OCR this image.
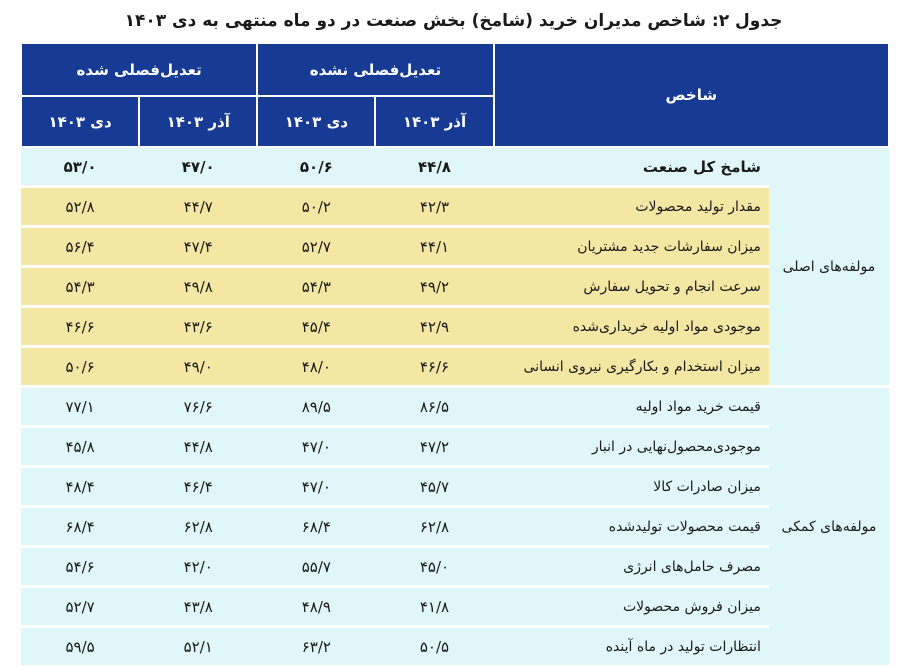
جدول ۲: شاخص مدیران خرید (شامخ) بخش صنعت در دو ماه منتهی به دی ۱۴۰۳
شاخص		تعدیل‌فصلی نشده		تعدیل‌فصلی شده	
		آذر ۱۴۰۳	دی ۱۴۰۳	آذر ۱۴۰۳	دی ۱۴۰۳
مولفه‌های اصلی	شامخ کل صنعت	۴۴/۸	۵۰/۶	۴۷/۰	۵۳/۰
	مقدار تولید محصولات	۴۲/۳	۵۰/۲	۴۴/۷	۵۲/۸
	میزان سفارشات جدید مشتریان	۴۴/۱	۵۲/۷	۴۷/۴	۵۶/۴
	سرعت انجام و تحویل سفارش	۴۹/۲	۵۴/۳	۴۹/۸	۵۴/۳
	موجودی مواد اولیه خریداری‌شده	۴۲/۹	۴۵/۴	۴۳/۶	۴۶/۶
	میزان استخدام و بکارگیری نیروی انسانی	۴۶/۶	۴۸/۰	۴۹/۰	۵۰/۶
مولفه‌های کمکی	قیمت خرید مواد اولیه	۸۶/۵	۸۹/۵	۷۶/۶	۷۷/۱
	موجودی‌محصول‌نهایی در انبار	۴۷/۲	۴۷/۰	۴۴/۸	۴۵/۸
	میزان صادرات کالا	۴۵/۷	۴۷/۰	۴۶/۴	۴۸/۴
	قیمت محصولات تولیدشده	۶۲/۸	۶۸/۴	۶۲/۸	۶۸/۴
	مصرف حامل‌های انرژی	۴۵/۰	۵۵/۷	۴۲/۰	۵۴/۶
	میزان فروش محصولات	۴۱/۸	۴۸/۹	۴۳/۸	۵۲/۷
	انتظارات تولید در ماه آینده	۵۰/۵	۶۳/۲	۵۲/۱	۵۹/۵
